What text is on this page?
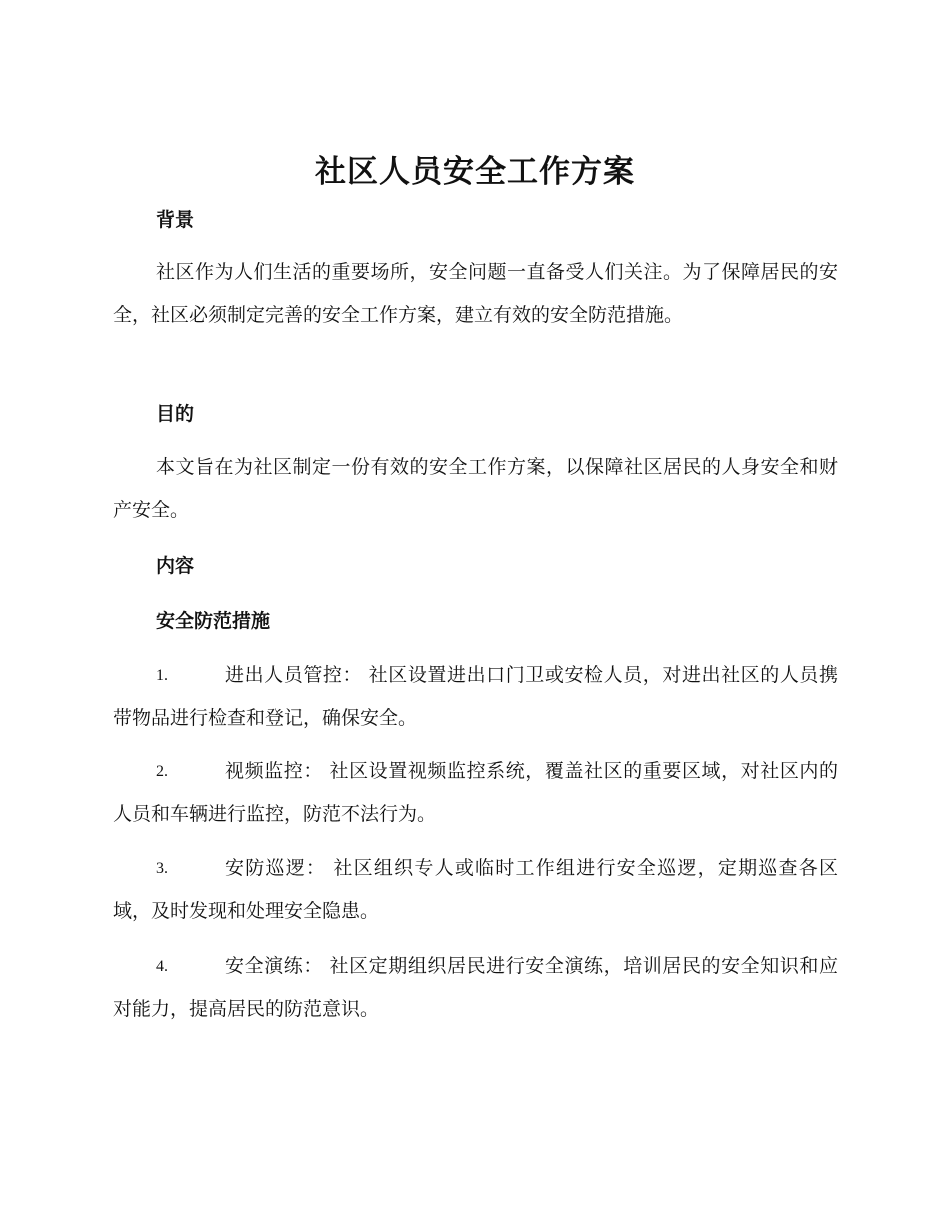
社区人员安全工作方案
背景

社区作为人们生活的重要场所，安全问题一直备受人们关注。为了保障居民的安全，社区必须制定完善的安全工作方案，建立有效的安全防范措施。

目的

本文旨在为社区制定一份有效的安全工作方案，以保障社区居民的人身安全和财产安全。

内容
安全防范措施
1.	进出人员管控： 社区设置进出口门卫或安检人员，对进出社区的人员携带物品进行检查和登记，确保安全。

2.	视频监控： 社区设置视频监控系统，覆盖社区的重要区域，对社区内的人员和车辆进行监控，防范不法行为。

3.	安防巡逻： 社区组织专人或临时工作组进行安全巡逻，定期巡查各区域，及时发现和处理安全隐患。

4.	安全演练： 社区定期组织居民进行安全演练，培训居民的安全知识和应对能力，提高居民的防范意识。
